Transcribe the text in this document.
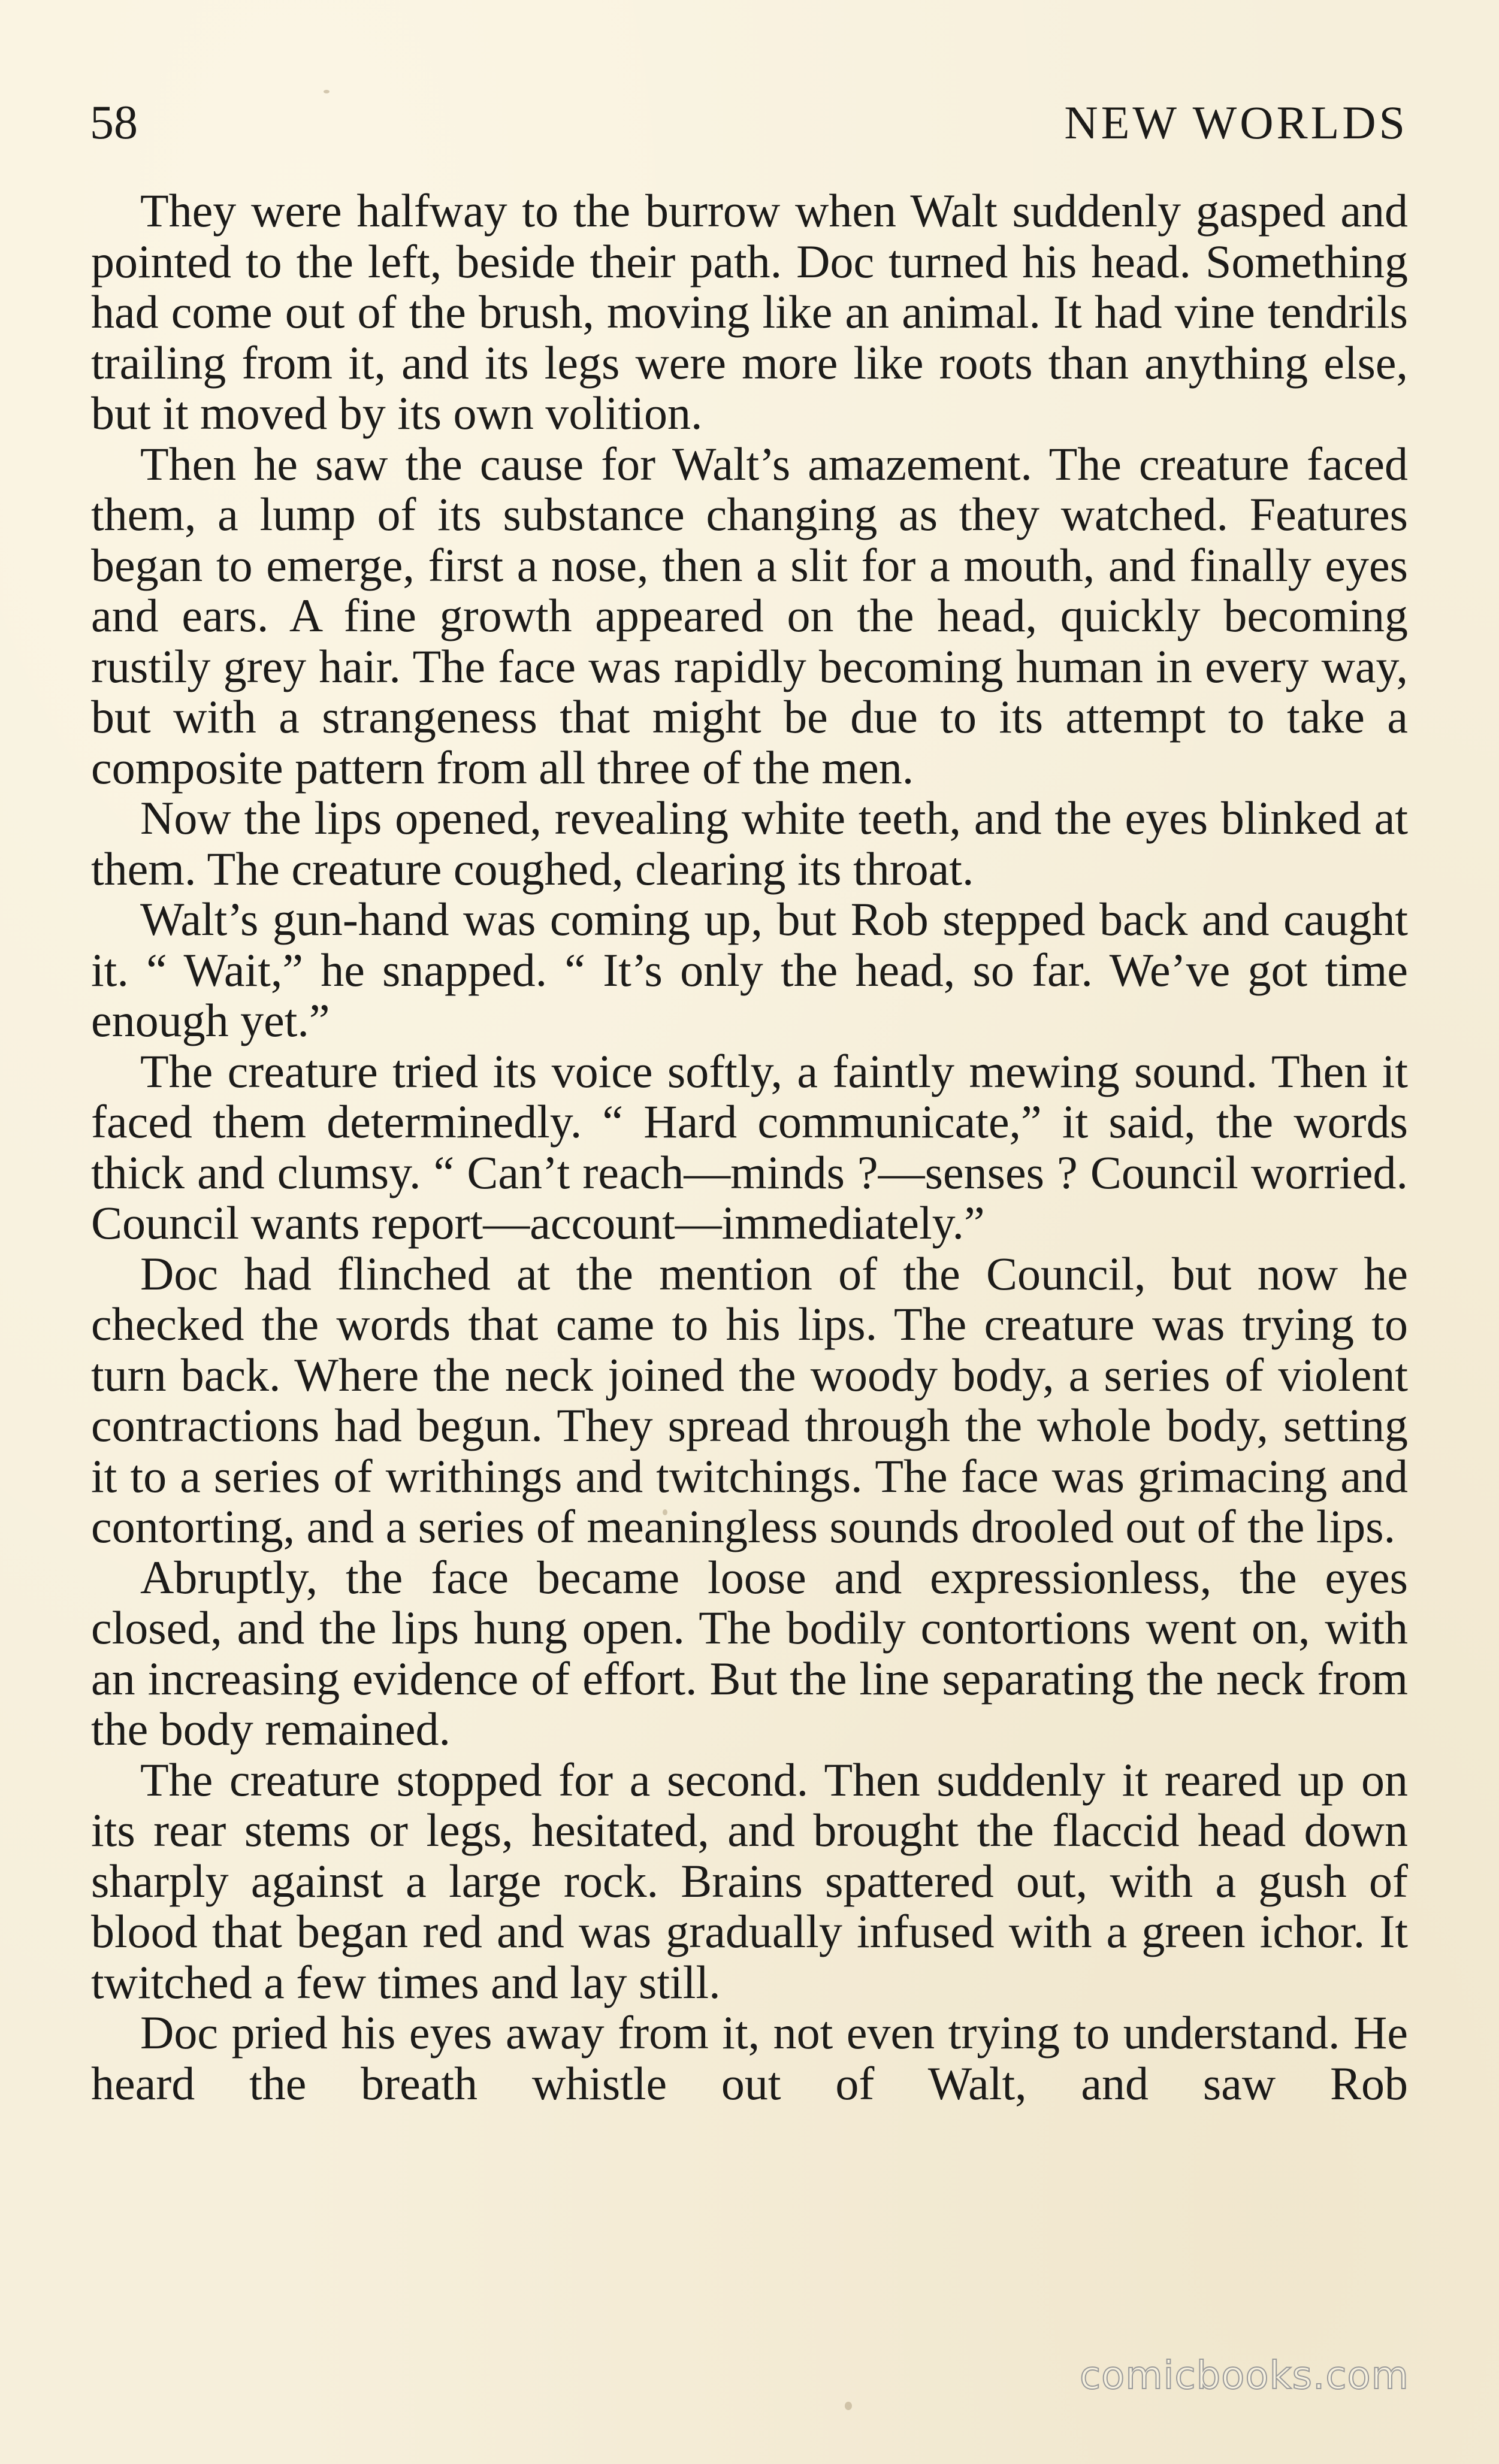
58	NEW WORLDS

They were halfway to the burrow when Walt suddenly gasped and pointed to the left, beside their path. Doc turned his head. Something had come out of the brush, moving like an animal. It had vine tendrils trailing from it, and its legs were more like roots than anything else, but it moved by its own volition.

Then he saw the cause for Walt’s amazement. The creature faced them, a lump of its substance changing as they watched. Features began to emerge, first a nose, then a slit for a mouth, and finally eyes and ears. A fine growth appeared on the head, quickly becoming rustily grey hair. The face was rapidly becoming human in every way, but with a strangeness that might be due to its attempt to take a composite pattern from all three of the men.

Now the lips opened, revealing white teeth, and the eyes blinked at them. The creature coughed, clearing its throat.

Walt’s gun-hand was coming up, but Rob stepped back and caught it. “ Wait,” he snapped. “ It’s only the head, so far. We’ve got time enough yet.”

The creature tried its voice softly, a faintly mewing sound. Then it faced them determinedly. “ Hard communicate,” it said, the words thick and clumsy. “ Can’t reach—minds ?—senses ? Council worried. Council wants report—account—immediately.”

Doc had flinched at the mention of the Council, but now he checked the words that came to his lips. The creature was trying to turn back. Where the neck joined the woody body, a series of violent contractions had begun. They spread through the whole body, setting it to a series of writhings and twitchings. The face was grimacing and contorting, and a series of meaningless sounds drooled out of the lips.

Abruptly, the face became loose and expressionless, the eyes closed, and the lips hung open. The bodily contortions went on, with an increasing evidence of effort. But the line separating the neck from the body remained.

The creature stopped for a second. Then suddenly it reared up on its rear stems or legs, hesitated, and brought the flaccid head down sharply against a large rock. Brains spattered out, with a gush of blood that began red and was gradually infused with a green ichor. It twitched a few times and lay still.

Doc pried his eyes away from it, not even trying to understand. He heard the breath whistle out of Walt, and saw Rob

comicbooks.com
